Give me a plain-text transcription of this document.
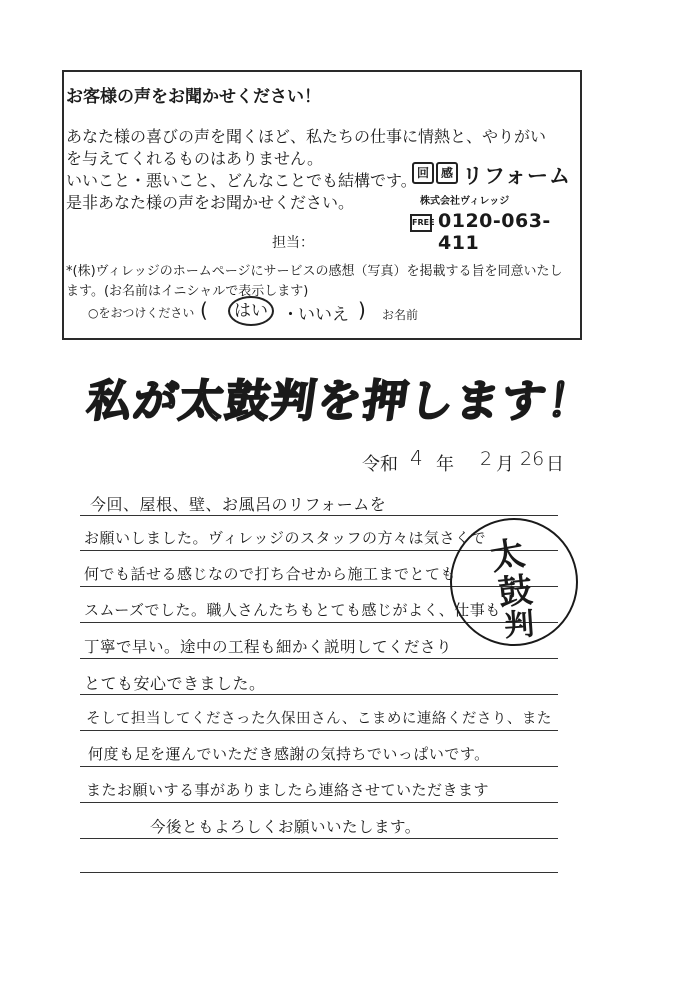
お客様の声をお聞かせください！
あなた様の喜びの声を聞くほど、私たちの仕事に情熱と、やりがい
を与えてくれるものはありません。
いいこと・悪いこと、どんなことでも結構です。
是非あなた様の声をお聞かせください。
回 感 リフォーム
株式会社ヴィレッジ
FREE 0120-063-411
担当：
*(株)ヴィレッジのホームページにサービスの感想（写真）を掲載する旨を同意いたし
ます。(お名前はイニシャルで表示します)
○をおつけください (	はい ・ いいえ ) お名前
私が太鼓判を押します！
令和 4 年 2 月 26 日
今回、屋根、壁、お風呂のリフォームを
お願いしました。ヴィレッジのスタッフの方々は気さくで
何でも話せる感じなので打ち合せから施工までとても
スムーズでした。職人さんたちもとても感じがよく、仕事も
丁寧で早い。途中の工程も細かく説明してくださり
とても安心できました。
そして担当してくださった久保田さん、こまめに連絡くださり、また
何度も足を運んでいただき感謝の気持ちでいっぱいです。
またお願いする事がありましたら連絡させていただきます
今後ともよろしくお願いいたします。
太
鼓
判
